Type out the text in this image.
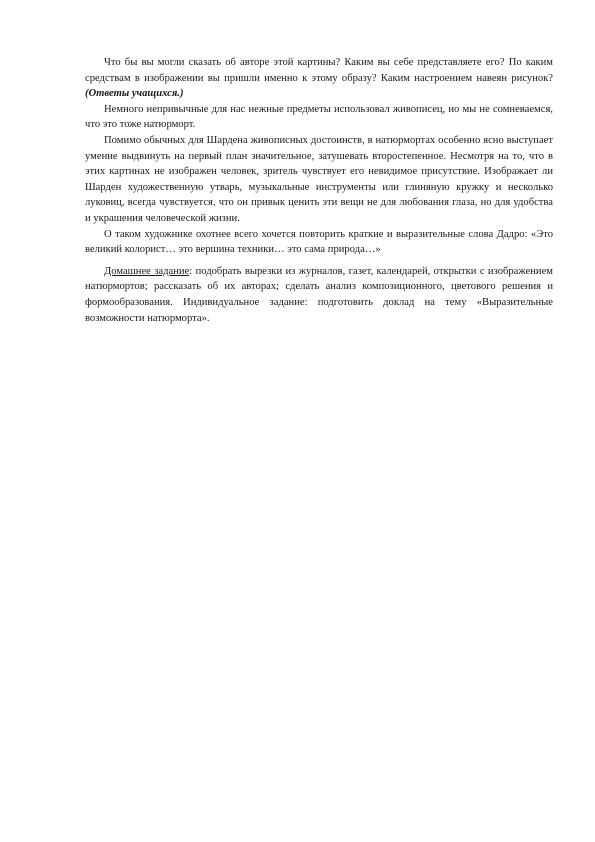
Что бы вы могли сказать об авторе этой картины? Каким вы себе представляете его? По каким средствам в изображении вы пришли именно к этому образу? Каким настроением навеян рисунок? (Ответы учащихся.)

Немного непривычные для нас нежные предметы использовал живописец, но мы не сомневаемся, что это тоже натюрморт.

Помимо обычных для Шардена живописных достоинств, в натюрмортах особенно ясно выступает умение выдвинуть на первый план значительное, затушевать второстепенное. Несмотря на то, что в этих картинах не изображен человек, зритель чувствует его невидимое присутствие. Изображает ли Шарден художественную утварь, музыкальные инструменты или глиняную кружку и несколько луковиц, всегда чувствуется, что он привык ценить эти вещи не для любования глаза, но для удобства и украшения человеческой жизни.

О таком художнике охотнее всего хочется повторить краткие и выразительные слова Дадро: «Это великий колорист… это вершина техники… это сама природа…»

Домашнее задание: подобрать вырезки из журналов, газет, календарей, открытки с изображением натюрмортов; рассказать об их авторах; сделать анализ композиционного, цветового решения и формообразования. Индивидуальное задание: подготовить доклад на тему «Выразительные возможности натюрморта».
